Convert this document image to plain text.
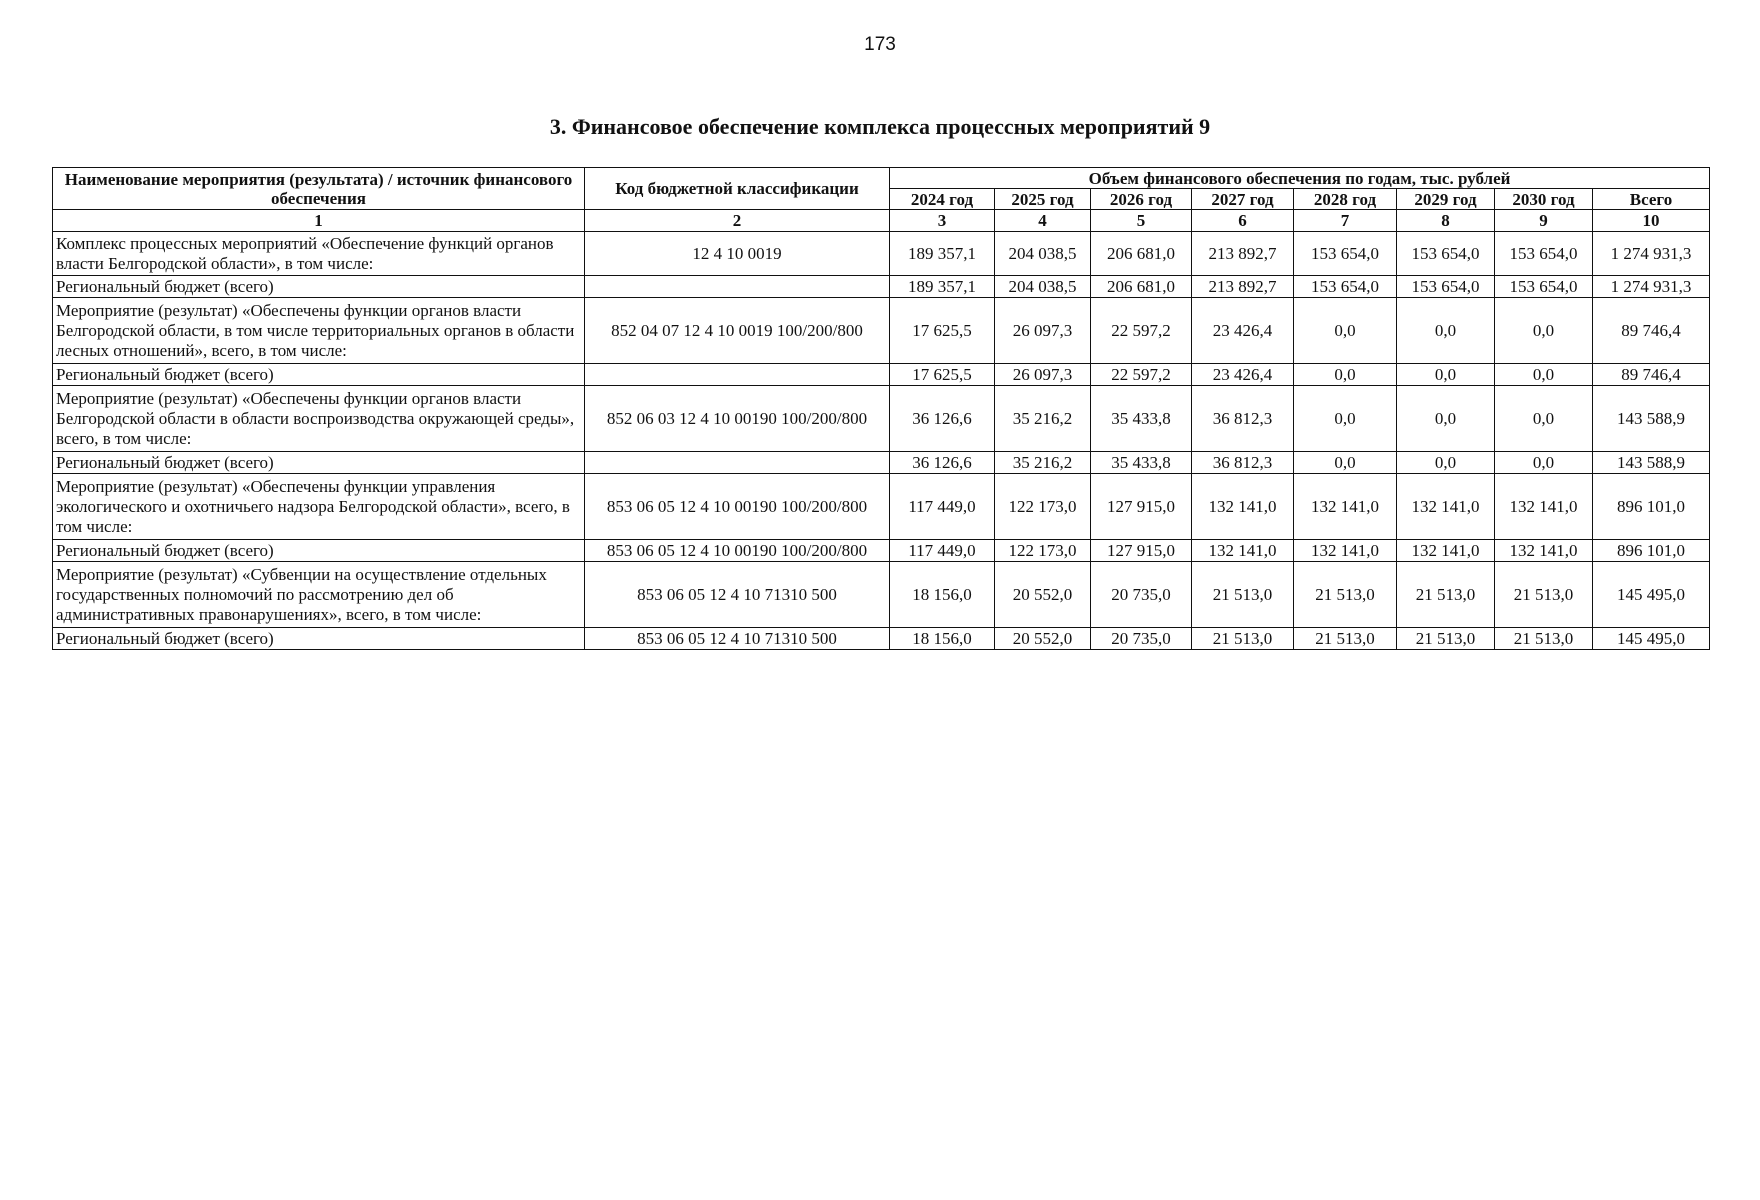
173
3. Финансовое обеспечение комплекса процессных мероприятий 9
Наименование мероприятия (результата) / источник финансового обеспечения	Код бюджетной классификации	Объем финансового обеспечения по годам, тыс. рублей							
		2024 год	2025 год	2026 год	2027 год	2028 год	2029 год	2030 год	Всего
1	2	3	4	5	6	7	8	9	10
Комплекс процессных мероприятий «Обеспечение функций органов власти Белгородской области», в том числе:	12 4 10 0019	189 357,1	204 038,5	206 681,0	213 892,7	153 654,0	153 654,0	153 654,0	1 274 931,3
Региональный бюджет (всего)		189 357,1	204 038,5	206 681,0	213 892,7	153 654,0	153 654,0	153 654,0	1 274 931,3
Мероприятие (результат) «Обеспечены функции органов власти Белгородской области, в том числе территориальных органов в области лесных отношений», всего, в том числе:	852 04 07 12 4 10 0019 100/200/800	17 625,5	26 097,3	22 597,2	23 426,4	0,0	0,0	0,0	89 746,4
Региональный бюджет (всего)		17 625,5	26 097,3	22 597,2	23 426,4	0,0	0,0	0,0	89 746,4
Мероприятие (результат) «Обеспечены функции органов власти Белгородской области в области воспроизводства окружающей среды», всего, в том числе:	852 06 03 12 4 10 00190 100/200/800	36 126,6	35 216,2	35 433,8	36 812,3	0,0	0,0	0,0	143 588,9
Региональный бюджет (всего)		36 126,6	35 216,2	35 433,8	36 812,3	0,0	0,0	0,0	143 588,9
Мероприятие (результат) «Обеспечены функции управления экологического и охотничьего надзора Белгородской области», всего, в том числе:	853 06 05 12 4 10 00190 100/200/800	117 449,0	122 173,0	127 915,0	132 141,0	132 141,0	132 141,0	132 141,0	896 101,0
Региональный бюджет (всего)	853 06 05 12 4 10 00190 100/200/800	117 449,0	122 173,0	127 915,0	132 141,0	132 141,0	132 141,0	132 141,0	896 101,0
Мероприятие (результат) «Субвенции на осуществление отдельных государственных полномочий по рассмотрению дел об административных правонарушениях», всего, в том числе:	853 06 05 12 4 10 71310 500	18 156,0	20 552,0	20 735,0	21 513,0	21 513,0	21 513,0	21 513,0	145 495,0
Региональный бюджет (всего)	853 06 05 12 4 10 71310 500	18 156,0	20 552,0	20 735,0	21 513,0	21 513,0	21 513,0	21 513,0	145 495,0
